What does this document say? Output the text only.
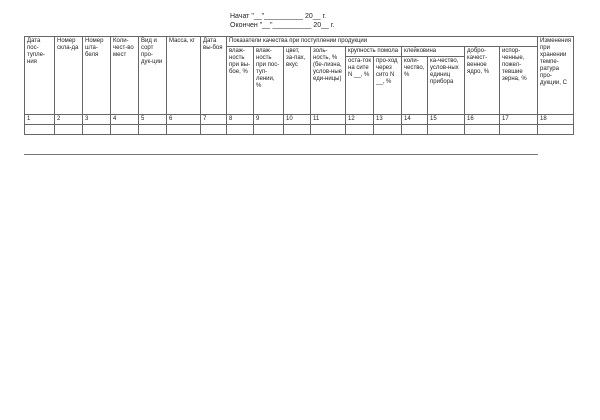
Начат "__"__________ 20__ г.
Окончен "__"__________ 20__ г.
Дата пос-тупле-ния	Номер скла-да	Номер шта-беля	Коли-чест-во мест	Вид и сорт про-дук-ции	Масса, кг	Дата вы-боя	Показатели качества при поступлении продукции										Изменения при хранении темпе-ратура про-дукции, С
							влаж-ность при вы-бое, %	влаж-ность при пос-туп-лении, %	цвет, за-пах, вкус	золь-ность, % (бе-лизна, услов-ные еди-ницы)	крупность помола		клейковина		добро-качест-венное ядро, %	испор-ченные, пожел-тевшие зерна, %	
											оста-ток на сите N __, %	про-ход через сито N __, %	коли-чество, %	ка-чество, услов-ных единиц прибора			

1	2	3	4	5	6	7	8	9	10	11	12	13	14	15	16	17	18
